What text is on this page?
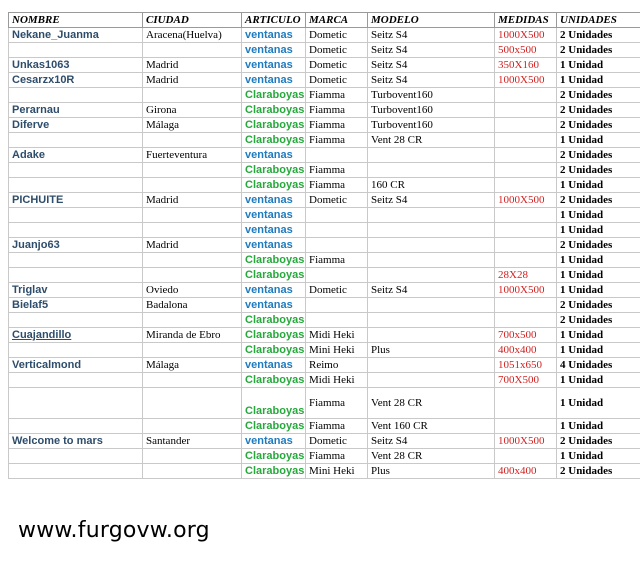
NOMBRE	CIUDAD	ARTICULO	MARCA	MODELO	MEDIDAS	UNIDADES
Nekane_Juanma	Aracena(Huelva)	ventanas	Dometic	Seitz S4	1000X500	2 Unidades
		ventanas	Dometic	Seitz S4	500x500	2 Unidades
Unkas1063	Madrid	ventanas	Dometic	Seitz S4	350X160	1 Unidad
Cesarzx10R	Madrid	ventanas	Dometic	Seitz S4	1000X500	1 Unidad
		Claraboyas	Fiamma	Turbovent160		2 Unidades
Perarnau	Girona	Claraboyas	Fiamma	Turbovent160		2 Unidades
Diferve	Málaga	Claraboyas	Fiamma	Turbovent160		2 Unidades
		Claraboyas	Fiamma	Vent 28 CR		1 Unidad
Adake	Fuerteventura	ventanas				2 Unidades
		Claraboyas	Fiamma			2 Unidades
		Claraboyas	Fiamma	160 CR		1 Unidad
PICHUITE	Madrid	ventanas	Dometic	Seitz S4	1000X500	2 Unidades
		ventanas				1 Unidad
		ventanas				1 Unidad
Juanjo63	Madrid	ventanas				2 Unidades
		Claraboyas	Fiamma			1 Unidad
		Claraboyas			28X28	1 Unidad
Triglav	Oviedo	ventanas	Dometic	Seitz S4	1000X500	1 Unidad
Bielaf5	Badalona	ventanas				2 Unidades
		Claraboyas				2 Unidades
Cuajandillo	Miranda de Ebro	Claraboyas	Midi Heki		700x500	1 Unidad
		Claraboyas	Mini Heki	Plus	400x400	1 Unidad
Verticalmond	Málaga	ventanas	Reimo		1051x650	4 Unidades
		Claraboyas	Midi Heki		700X500	1 Unidad
		Claraboyas	Fiamma	Vent 28 CR		1 Unidad
		Claraboyas	Fiamma	Vent 160 CR		1 Unidad
Welcome to mars	Santander	ventanas	Dometic	Seitz S4	1000X500	2 Unidades
		Claraboyas	Fiamma	Vent 28 CR		1 Unidad
		Claraboyas	Mini Heki	Plus	400x400	2 Unidades
www.furgovw.org
